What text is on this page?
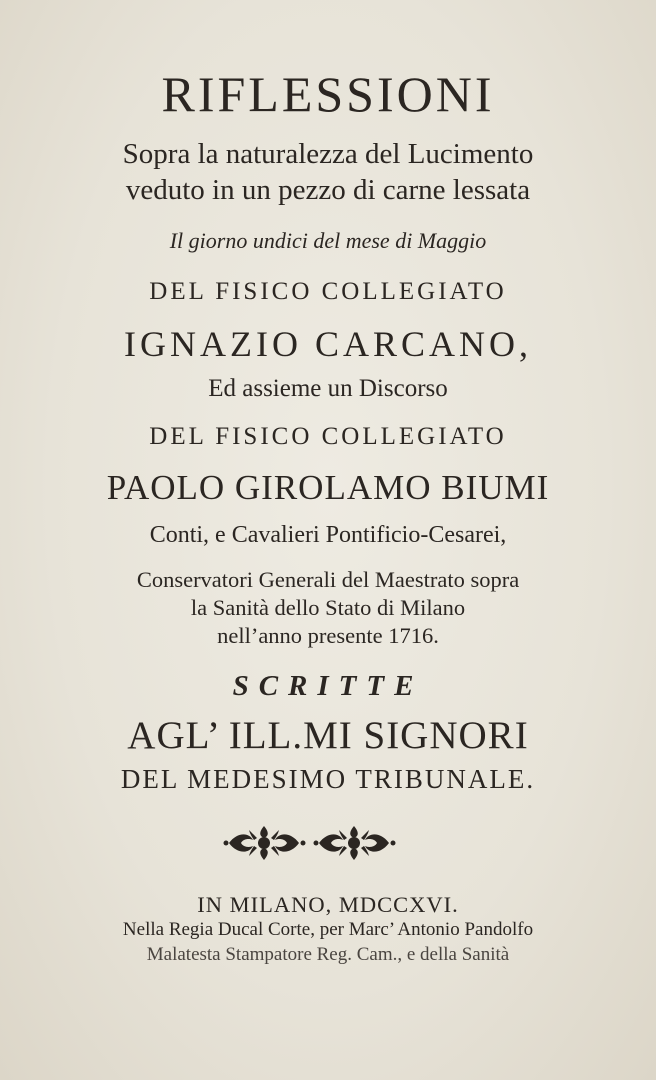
RIFLESSIONI

Sopra la naturalezza del Lucimento

veduto in un pezzo di carne lessata

Il giorno undici del mese di Maggio

DEL FISICO COLLEGIATO

IGNAZIO CARCANO,

Ed assieme un Discorso

DEL FISICO COLLEGIATO

PAOLO GIROLAMO BIUMI

Conti, e Cavalieri Pontificio-Cesarei,

Conservatori Generali del Maestrato sopra

la Sanità dello Stato di Milano

nell’anno presente 1716.

SCRITTE

AGL’ ILL.MI SIGNORI

DEL MEDESIMO TRIBUNALE.

IN MILANO, MDCCXVI.

Nella Regia Ducal Corte, per Marc’ Antonio Pandolfo

Malatesta Stampatore Reg. Cam., e della Sanità
